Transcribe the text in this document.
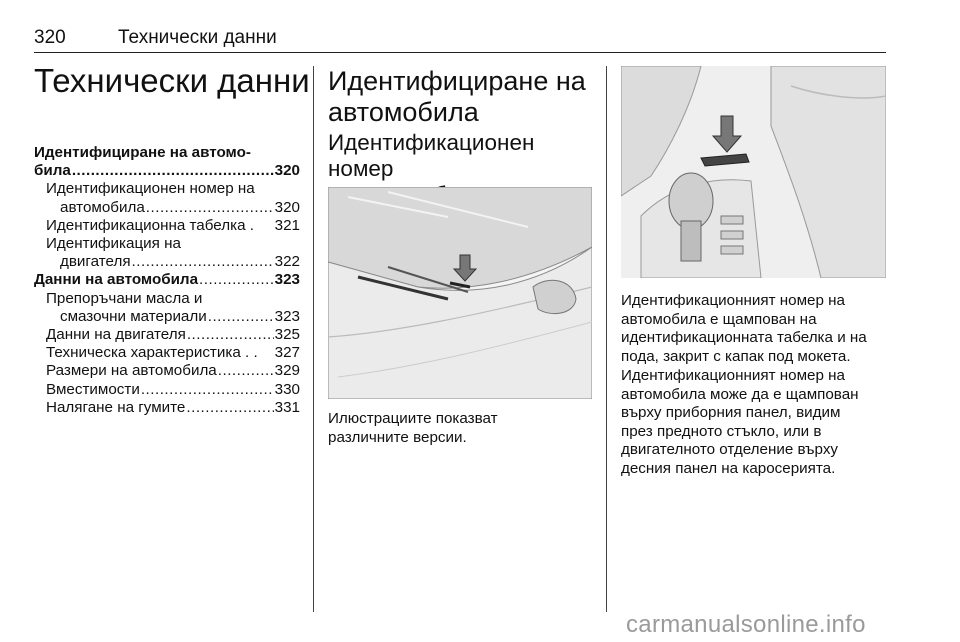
320	Технически данни
Технически данни
Идентифициране на автомо-
била .....	320
Идентификационен номер на
автомобила .....	320
Идентификационна табелка . 321
Идентификация на
двигателя .....	322
Данни на автомобила .....	323
Препоръчани масла и
смазочни материали .....	323
Данни на двигателя .....	325
Техническа характеристика . . 327
Размери на автомобила .....	329
Вместимости .....	330
Налягане на гумите .....	331
Идентифициране на
автомобила
Идентификационен номер
Илюстрациите показват
различните версии.
Идентификационният номер на
автомобила е щампован на
идентификационната табелка и на
пода, закрит с капак под мокета.
Идентификационният номер на
автомобила може да е щампован
върху приборния панел, видим
през предното стъкло, или в
двигателното отделение върху
десния панел на каросерията.
carmanualsonline.info
